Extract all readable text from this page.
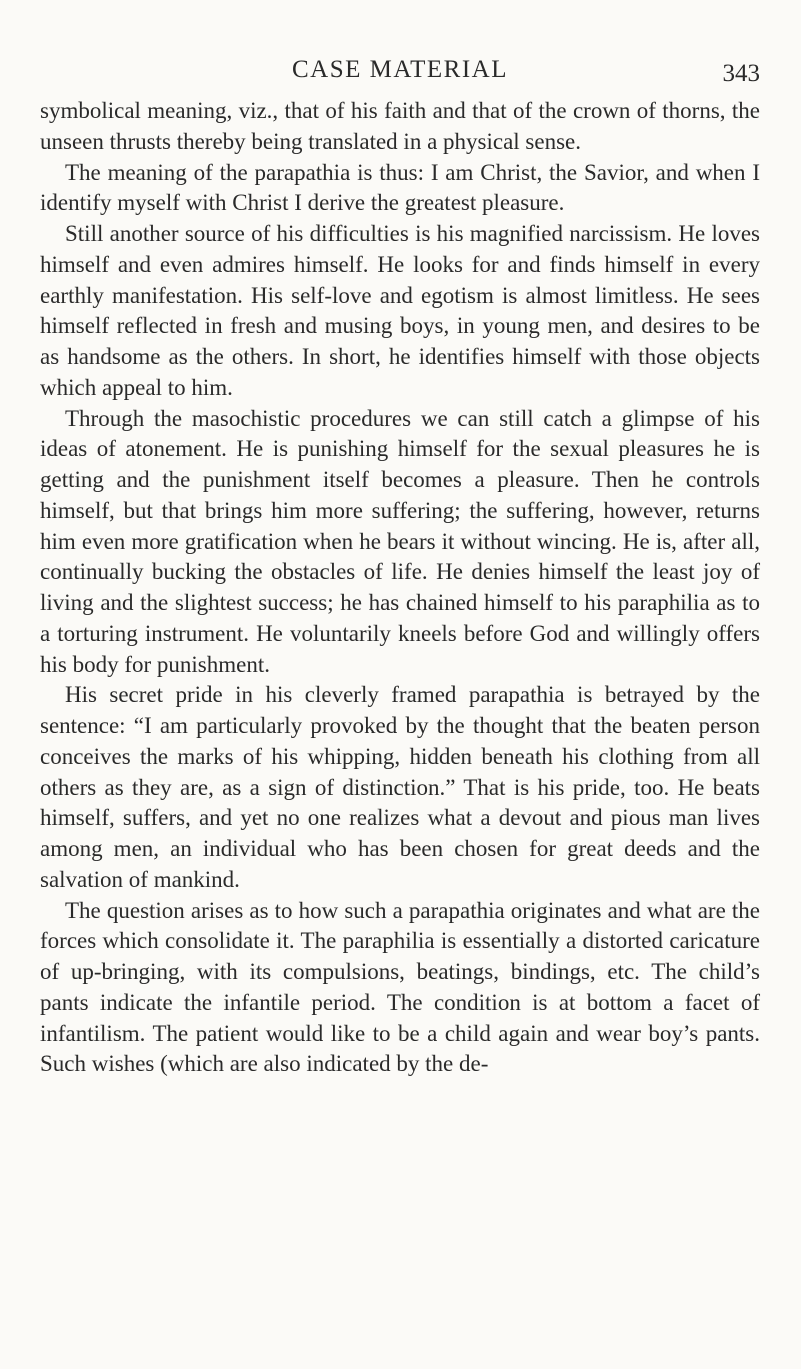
CASE MATERIAL	343

symbolical meaning, viz., that of his faith and that of the crown of thorns, the unseen thrusts thereby being translated in a physical sense.

The meaning of the parapathia is thus: I am Christ, the Savior, and when I identify myself with Christ I derive the greatest pleasure.

Still another source of his difficulties is his magnified narcissism. He loves himself and even admires himself. He looks for and finds himself in every earthly manifestation. His self-love and egotism is almost limitless. He sees himself reflected in fresh and musing boys, in young men, and desires to be as handsome as the others. In short, he identifies himself with those objects which appeal to him.

Through the masochistic procedures we can still catch a glimpse of his ideas of atonement. He is punishing himself for the sexual pleasures he is getting and the punishment itself becomes a pleasure. Then he controls himself, but that brings him more suffering; the suffering, however, returns him even more gratification when he bears it without wincing. He is, after all, continually bucking the obstacles of life. He denies himself the least joy of living and the slightest success; he has chained himself to his paraphilia as to a torturing instrument. He voluntarily kneels before God and willingly offers his body for punishment.

His secret pride in his cleverly framed parapathia is betrayed by the sentence: “I am particularly provoked by the thought that the beaten person conceives the marks of his whipping, hidden beneath his clothing from all others as they are, as a sign of distinction.” That is his pride, too. He beats himself, suffers, and yet no one realizes what a devout and pious man lives among men, an individual who has been chosen for great deeds and the salvation of mankind.

The question arises as to how such a parapathia originates and what are the forces which consolidate it. The paraphilia is essentially a distorted caricature of up-bringing, with its compulsions, beatings, bindings, etc. The child’s pants indicate the infantile period. The condition is at bottom a facet of infantilism. The patient would like to be a child again and wear boy’s pants. Such wishes (which are also indicated by the de-
